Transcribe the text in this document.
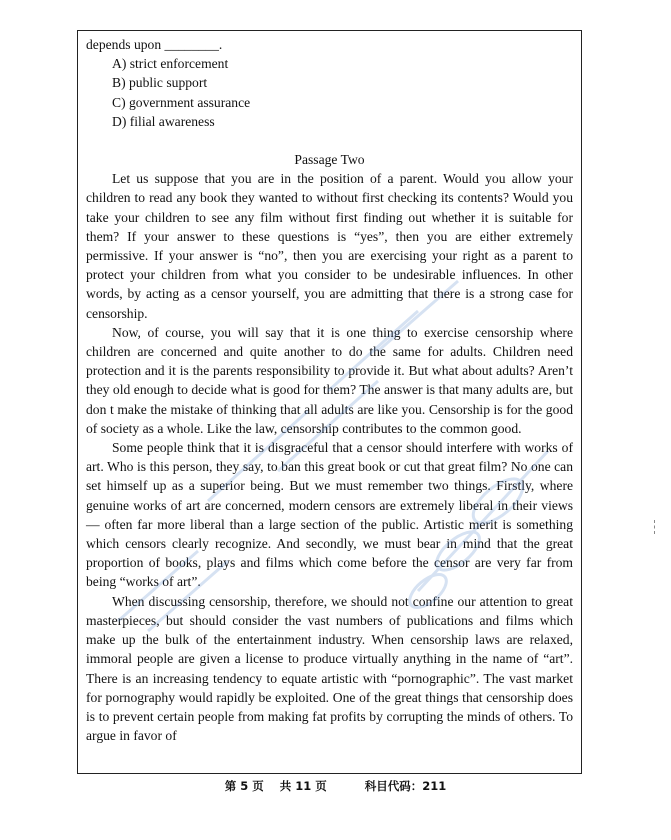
depends upon ________.

A) strict enforcement
B) public support
C) government assurance
D) filial awareness

Passage Two

Let us suppose that you are in the position of a parent. Would you allow your children to read any book they wanted to without first checking its contents? Would you take your children to see any film without first finding out whether it is suitable for them? If your answer to these questions is “yes”, then you are either extremely permissive. If your answer is “no”, then you are exercising your right as a parent to protect your children from what you consider to be undesirable influences. In other words, by acting as a censor yourself, you are admitting that there is a strong case for censorship.

Now, of course, you will say that it is one thing to exercise censorship where children are concerned and quite another to do the same for adults. Children need protection and it is the parents responsibility to provide it. But what about adults? Aren’t they old enough to decide what is good for them? The answer is that many adults are, but don t make the mistake of thinking that all adults are like you. Censorship is for the good of society as a whole. Like the law, censorship contributes to the common good.

Some people think that it is disgraceful that a censor should interfere with works of art. Who is this person, they say, to ban this great book or cut that great film? No one can set himself up as a superior being. But we must remember two things. Firstly, where genuine works of art are concerned, modern censors are extremely liberal in their views — often far more liberal than a large section of the public. Artistic merit is something which censors clearly recognize. And secondly, we must bear in mind that the great proportion of books, plays and films which come before the censor are very far from being “works of art”.

When discussing censorship, therefore, we should not confine our attention to great masterpieces, but should consider the vast numbers of publications and films which make up the bulk of the entertainment industry. When censorship laws are relaxed, immoral people are given a license to produce virtually anything in the name of “art”. There is an increasing tendency to equate artistic with “pornographic”. The vast market for pornography would rapidly be exploited. One of the great things that censorship does is to prevent certain people from making fat profits by corrupting the minds of others. To argue in favor of

第 5 页 共 11 页	科目代码：211
